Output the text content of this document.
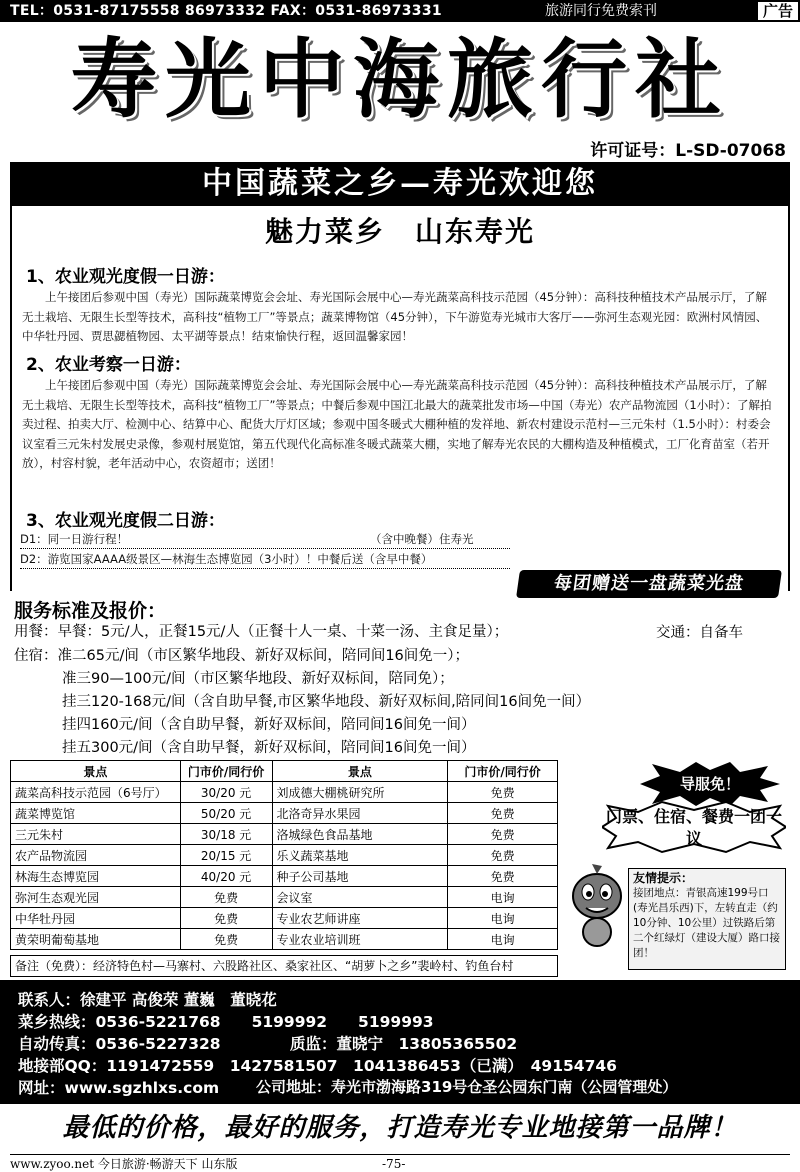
TEL：0531-87175558 86973332 FAX：0531-86973331	旅游同行免费索刊	广告
寿光中海旅行社
许可证号：L-SD-07068
中国蔬菜之乡—寿光欢迎您
魅力菜乡　山东寿光
1、农业观光度假一日游：
上午接团后参观中国（寿光）国际蔬菜博览会会址、寿光国际会展中心—寿光蔬菜高科技示范园（45分钟）：高科技种植技术产品展示厅，了解无土栽培、无限生长型等技术，高科技“植物工厂”等景点；蔬菜博物馆（45分钟），下午游览寿光城市大客厅——弥河生态观光园：欧洲村风情园、中华牡丹园、贾思勰植物园、太平湖等景点！结束愉快行程，返回温馨家园！
2、农业考察一日游：
上午接团后参观中国（寿光）国际蔬菜博览会会址、寿光国际会展中心—寿光蔬菜高科技示范园（45分钟）：高科技种植技术产品展示厅，了解无土栽培、无限生长型等技术，高科技“植物工厂”等景点；中餐后参观中国江北最大的蔬菜批发市场—中国（寿光）农产品物流园（1小时）：了解拍卖过程、拍卖大厅、检测中心、结算中心、配货大厅灯区域；参观中国冬暖式大棚种植的发祥地、新农村建设示范村—三元朱村（1.5小时）：村委会议室看三元朱村发展史录像，参观村展览馆，第五代现代化高标准冬暖式蔬菜大棚，实地了解寿光农民的大棚构造及种植模式，工厂化育苗室（若开放），村容村貌，老年活动中心，农资超市；送团！
3、农业观光度假二日游：
D1：同一日游行程！	（含中晚餐）住寿光
D2：游览国家AAAA级景区—林海生态博览园（3小时）！中餐后送（含早中餐）
每团赠送一盘蔬菜光盘
服务标准及报价：
用餐：早餐：5元/人，正餐15元/人（正餐十人一桌、十菜一汤、主食足量）；	交通：自备车
住宿：准二65元/间（市区繁华地段、新好双标间，陪同间16间免一）；
准三90—100元/间（市区繁华地段、新好双标间，陪同免）；
挂三120-168元/间（含自助早餐,市区繁华地段、新好双标间,陪同间16间免一间）
挂四160元/间（含自助早餐，新好双标间，陪同间16间免一间）
挂五300元/间（含自助早餐，新好双标间，陪同间16间免一间）
景点	门市价/同行价	景点	门市价/同行价
蔬菜高科技示范园（6号厅）	30/20 元	刘成德大棚桃研究所	免费
蔬菜博览馆	50/20 元	北洛奇异水果园	免费
三元朱村	30/18 元	洛城绿色食品基地	免费
农产品物流园	20/15 元	乐义蔬菜基地	免费
林海生态博览园	40/20 元	种子公司基地	免费
弥河生态观光园	免费	会议室	电询
中华牡丹园	免费	专业农艺师讲座	电询
黄荣明葡萄基地	免费	专业农业培训班	电询
备注（免费）：经济特色村—马寨村、六股路社区、桑家社区、“胡萝卜之乡”裴岭村、钓鱼台村
导服免！
门票、住宿、餐费一团一议
友情提示：
接团地点：青银高速199号口(寿光昌乐西)下，左转直走（约10分钟、10公里）过铁路后第二个红绿灯（建设大厦）路口接团！
联系人：徐建平 高俊荣 董巍　董晓花
菜乡热线：0536-5221768　　5199992　　5199993
自动传真：0536-5227328	质监：董晓宁　13805365502
地接部QQ：1191472559　1427581507　1041386453（已满）　49154746
网址：www.sgzhlxs.com 公司地址：寿光市渤海路319号仓圣公园东门南（公园管理处）
最低的价格，最好的服务，打造寿光专业地接第一品牌！
www.zyoo.net 今日旅游·畅游天下 山东版	-75-
